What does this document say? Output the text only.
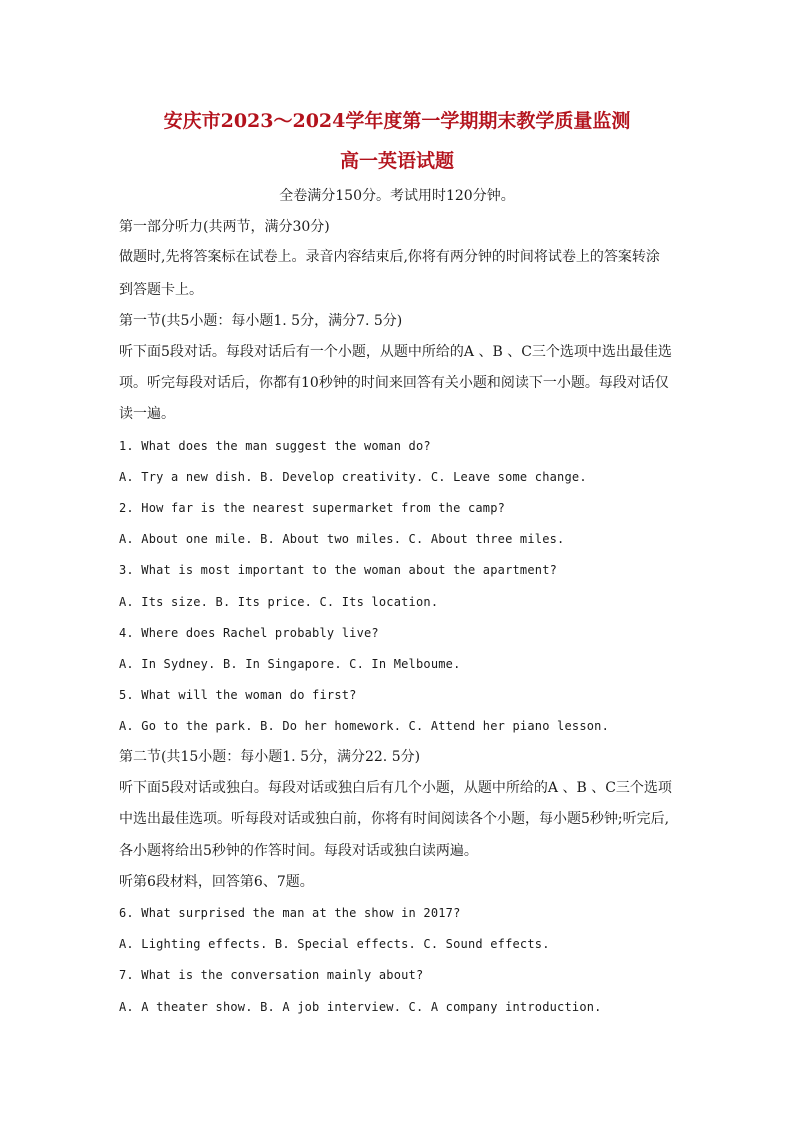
安庆市2023～2024学年度第一学期期末教学质量监测
高一英语试题
全卷满分150分。考试用时120分钟。
第一部分听力(共两节，满分30分)
做题时,先将答案标在试卷上。录音内容结束后,你将有两分钟的时间将试卷上的答案转涂
到答题卡上。
第一节(共5小题：每小题1. 5分，满分7. 5分)
听下面5段对话。每段对话后有一个小题，从题中所给的A 、B 、C三个选项中选出最佳选
项。听完每段对话后，你都有10秒钟的时间来回答有关小题和阅读下一小题。每段对话仅
读一遍。
1. What does the man suggest the woman do?
A. Try a new dish. B. Develop creativity. C. Leave some change.
2. How far is the nearest supermarket from the camp?
A. About one mile. B. About two miles. C. About three miles.
3. What is most important to the woman about the apartment?
A. Its size. B. Its price. C. Its location.
4. Where does Rachel probably live?
A. In Sydney. B. In Singapore. C. In Melboume.
5. What will the woman do first?
A. Go to the park. B. Do her homework. C. Attend her piano lesson.
第二节(共15小题：每小题1. 5分，满分22. 5分)
听下面5段对话或独白。每段对话或独白后有几个小题，从题中所给的A 、B 、C三个选项
中选出最佳选项。听每段对话或独白前，你将有时间阅读各个小题，每小题5秒钟;听完后,
各小题将给出5秒钟的作答时间。每段对话或独白读两遍。
听第6段材料，回答第6、7题。
6. What surprised the man at the show in 2017?
A. Lighting effects. B. Special effects. C. Sound effects.
7. What is the conversation mainly about?
A. A theater show. B. A job interview. C. A company introduction.
